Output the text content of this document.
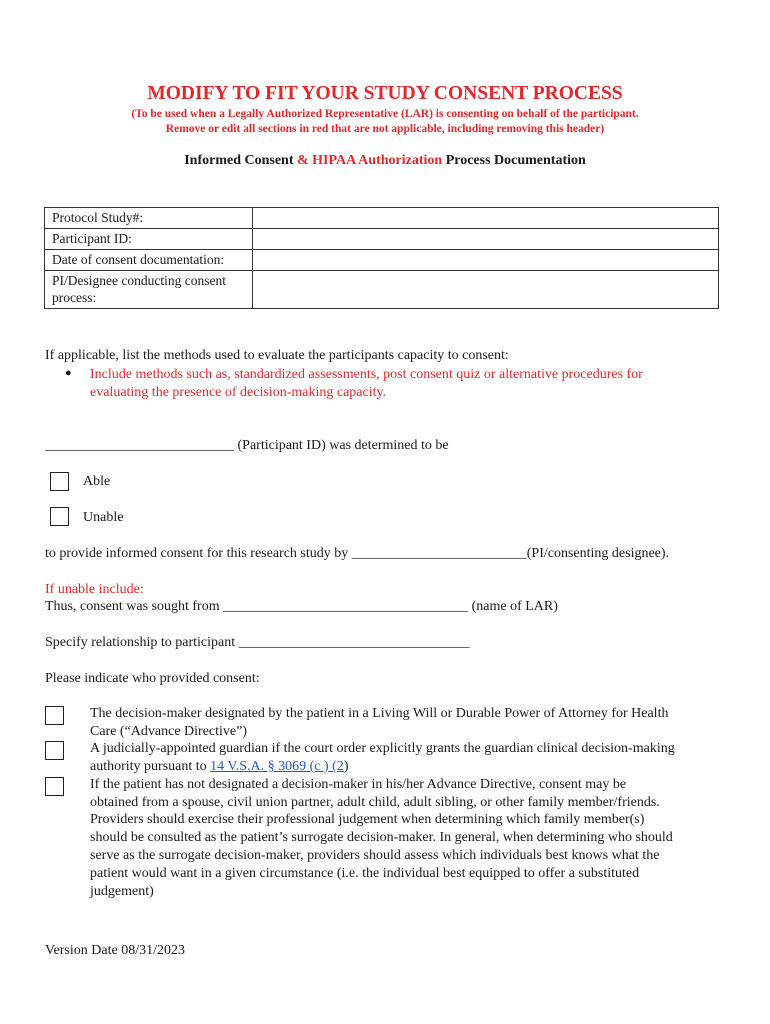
MODIFY TO FIT YOUR STUDY CONSENT PROCESS
(To be used when a Legally Authorized Representative (LAR) is consenting on behalf of the participant.
Remove or edit all sections in red that are not applicable, including removing this header)
Informed Consent & HIPAA Authorization Process Documentation
Protocol Study#:	
Participant ID:	
Date of consent documentation:	
PI/Designee conducting consent process:	
If applicable, list the methods used to evaluate the participants capacity to consent:
● Include methods such as, standardized assessments, post consent quiz or alternative procedures for
evaluating the presence of decision-making capacity.
___________________________ (Participant ID) was determined to be
Able
Unable
to provide informed consent for this research study by _________________________(PI/consenting designee).
If unable include:
Thus, consent was sought from ___________________________________ (name of LAR)
Specify relationship to participant _________________________________
Please indicate who provided consent:
The decision-maker designated by the patient in a Living Will or Durable Power of Attorney for Health
Care (“Advance Directive”)
A judicially-appointed guardian if the court order explicitly grants the guardian clinical decision-making
authority pursuant to 14 V.S.A. § 3069 (c ) (2)
If the patient has not designated a decision-maker in his/her Advance Directive, consent may be
obtained from a spouse, civil union partner, adult child, adult sibling, or other family member/friends.
Providers should exercise their professional judgement when determining which family member(s)
should be consulted as the patient’s surrogate decision-maker. In general, when determining who should
serve as the surrogate decision-maker, providers should assess which individuals best knows what the
patient would want in a given circumstance (i.e. the individual best equipped to offer a substituted
judgement)
Version Date 08/31/2023
